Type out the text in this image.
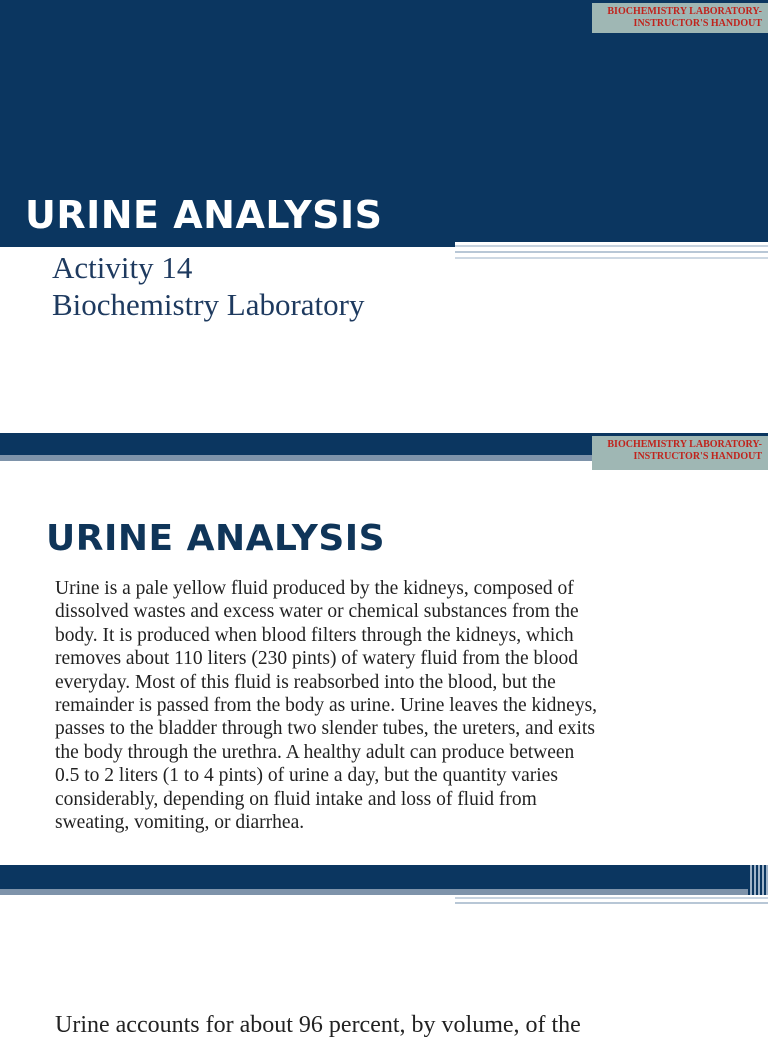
BIOCHEMISTRY LABORATORY-
INSTRUCTOR'S HANDOUT
URINE ANALYSIS

Activity 14
Biochemistry Laboratory

BIOCHEMISTRY LABORATORY-
INSTRUCTOR'S HANDOUT
URINE ANALYSIS

Urine is a pale yellow fluid produced by the kidneys, composed of
dissolved wastes and excess water or chemical substances from the
body. It is produced when blood filters through the kidneys, which
removes about 110 liters (230 pints) of watery fluid from the blood
everyday. Most of this fluid is reabsorbed into the blood, but the
remainder is passed from the body as urine. Urine leaves the kidneys,
passes to the bladder through two slender tubes, the ureters, and exits
the body through the urethra. A healthy adult can produce between
0.5 to 2 liters (1 to 4 pints) of urine a day, but the quantity varies
considerably, depending on fluid intake and loss of fluid from
sweating, vomiting, or diarrhea.

Urine accounts for about 96 percent, by volume, of the
